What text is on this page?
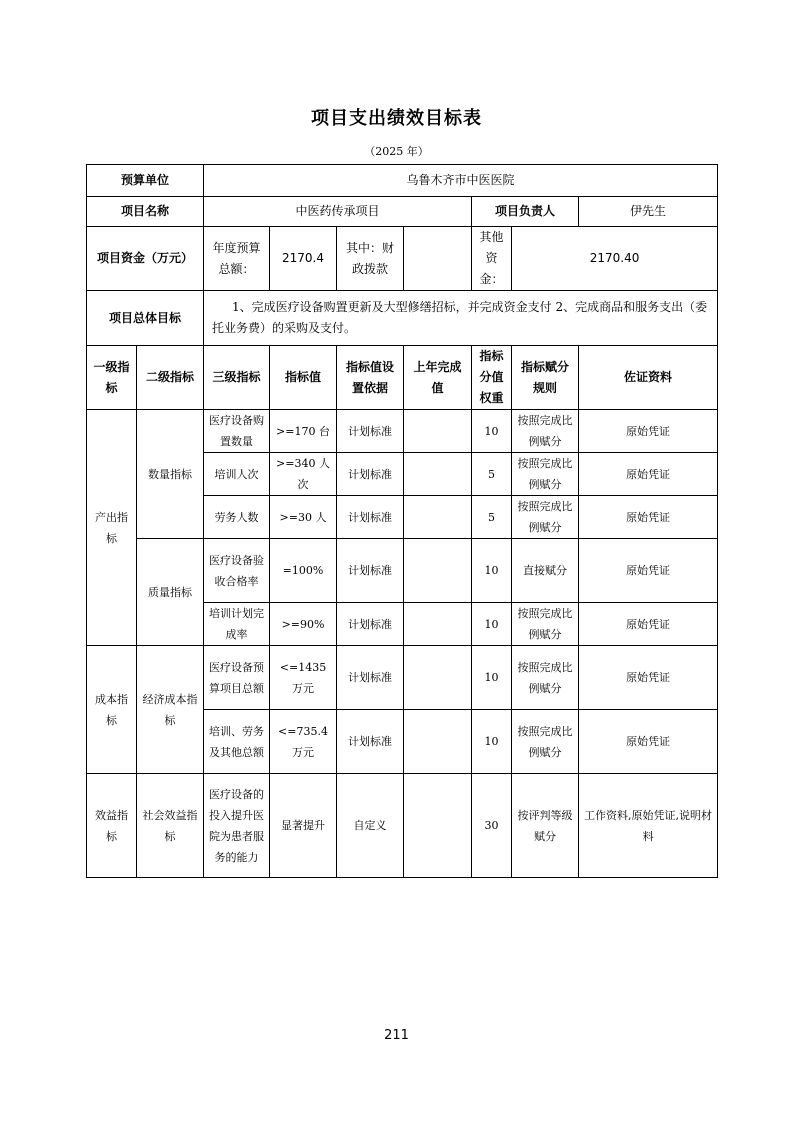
项目支出绩效目标表
（2025 年）
预算单位		乌鲁木齐市中医医院						
项目名称		中医药传承项目				项目负责人		伊先生
项目资金（万元）		年度预算总额：	2170.4	其中：财政拨款		其他资金：	2170.40	
项目总体目标		1、完成医疗设备购置更新及大型修缮招标，并完成资金支付 2、完成商品和服务支出（委托业务费）的采购及支付。						
一级指标	二级指标	三级指标	指标值	指标值设置依据	上年完成值	指标分值权重	指标赋分规则	佐证资料
产出指标	数量指标	医疗设备购置数量	>=170 台	计划标准		10	按照完成比例赋分	原始凭证
		培训人次	>=340 人次	计划标准		5	按照完成比例赋分	原始凭证
		劳务人数	>=30 人	计划标准		5	按照完成比例赋分	原始凭证
	质量指标	医疗设备验收合格率	=100%	计划标准		10	直接赋分	原始凭证
		培训计划完成率	>=90%	计划标准		10	按照完成比例赋分	原始凭证
成本指标	经济成本指标	医疗设备预算项目总额	<=1435 万元	计划标准		10	按照完成比例赋分	原始凭证
		培训、劳务及其他总额	<=735.4 万元	计划标准		10	按照完成比例赋分	原始凭证
效益指标	社会效益指标	医疗设备的投入提升医院为患者服务的能力	显著提升	自定义		30	按评判等级赋分	工作资料,原始凭证,说明材料
211
